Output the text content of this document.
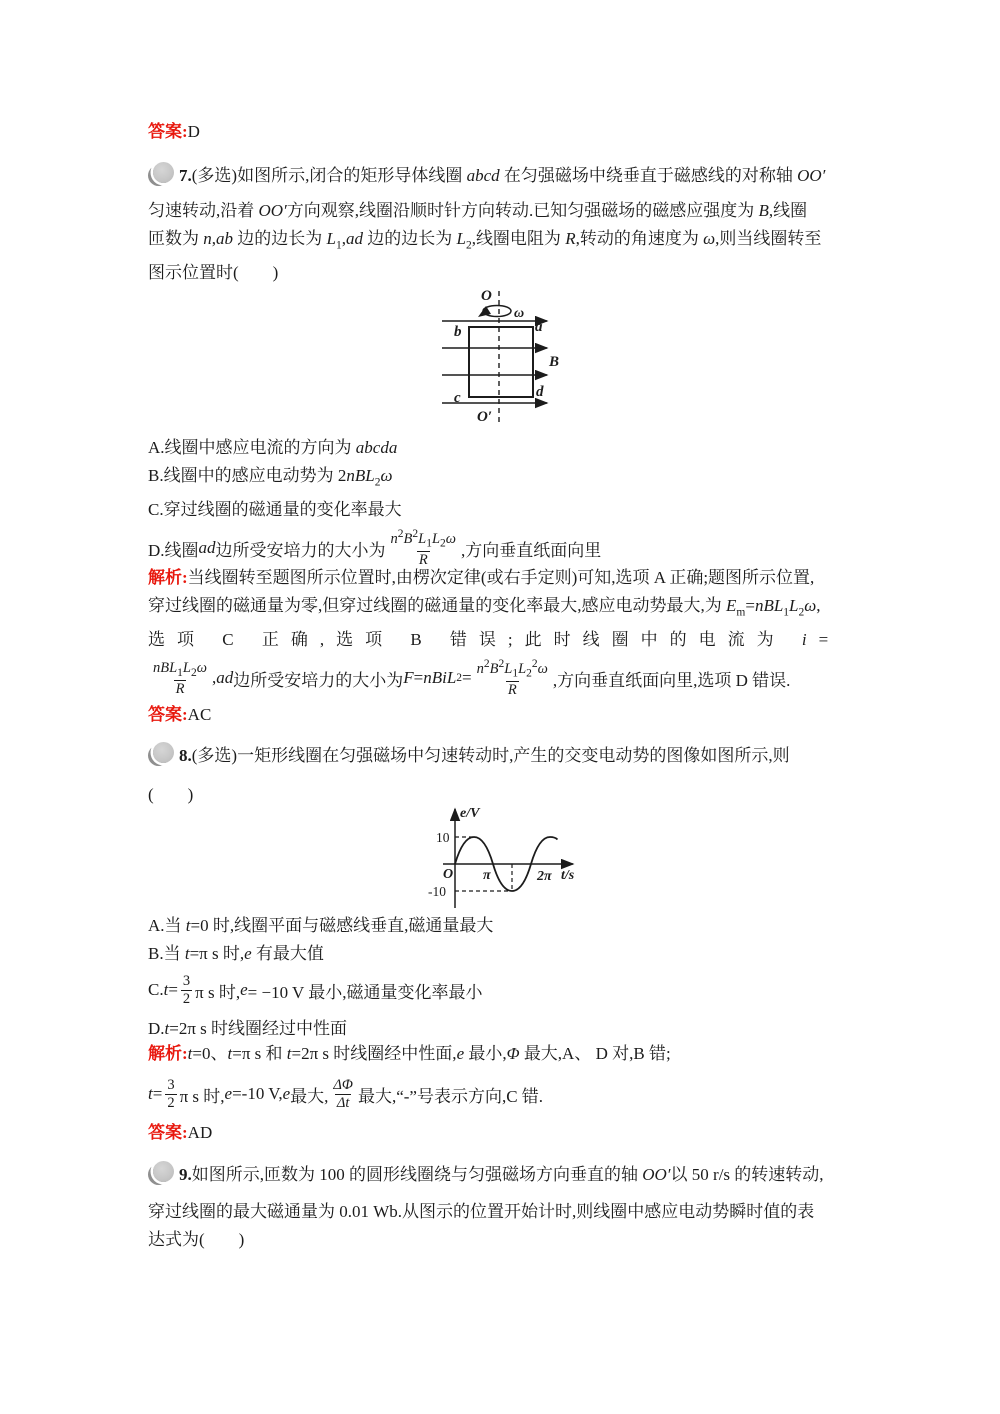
答案:D
7.(多选)如图所示,闭合的矩形导体线圈 abcd 在匀强磁场中绕垂直于磁感线的对称轴 OO′
匀速转动,沿着 OO′方向观察,线圈沿顺时针方向转动.已知匀强磁场的磁感应强度为 B,线圈
匝数为 n,ab 边的边长为 $L_1,ad$ 边的边长为 $L_2$,线圈电阻为 R,转动的角速度为 ω,则当线圈转至
图示位置时(　　)
O
ω
b	a
c	d
B
O′
A.线圈中感应电流的方向为 abcda
B.线圈中的感应电动势为 2nBL$_2$ω
C.穿过线圈的磁通量的变化率最大
D.线圈 ad 边所受安培力的大小为 $\frac{n^2B^2L_1L_2\omega}{R}$ ,方向垂直纸面向里
解析:当线圈转至题图所示位置时,由楞次定律(或右手定则)可知,选项 A 正确;题图所示位置,
穿过线圈的磁通量为零,但穿过线圈的磁通量的变化率最大,感应电动势最大,为 $E_m=nBL_1L_2\omega$,
选项 C 正确,选项 B 错误;此时线圈中的电流为 i=
$\frac{nBL_1L_2\omega}{R}$ , ad 边所受安培力的大小为 F = nBiL $2 = \frac{n^2B^2L_1L_2^2\omega}{R}$ ,方向垂直纸面向里,选项 D 错误.
答案:AC
8.(多选)一矩形线圈在匀强磁场中匀速转动时,产生的交变电动势的图像如图所示,则
(　　)
e/V
t/s
O
10
-10
π	2π
A.当 t=0 时,线圈平面与磁感线垂直,磁通量最大
B.当 t=π s 时,e 有最大值
C. $t = \frac{3}{2}$ π s 时, e = −10 V 最小,磁通量变化率最小
D.t=2π s 时线圈经过中性面
解析:t=0、t=π s 和 t=2π s 时线圈经中性面,e 最小,Φ 最大,A、 D 对,B 错;
$t = \frac{3}{2}$ π s 时, e =-10 V, e 最大, $\frac{\Delta\Phi}{\Delta t}$ 最大,“-”号表示方向,C 错.
答案:AD
9.如图所示,匝数为 100 的圆形线圈绕与匀强磁场方向垂直的轴 OO′以 50 r/s 的转速转动,
穿过线圈的最大磁通量为 0.01 Wb.从图示的位置开始计时,则线圈中感应电动势瞬时值的表
达式为(　　)
